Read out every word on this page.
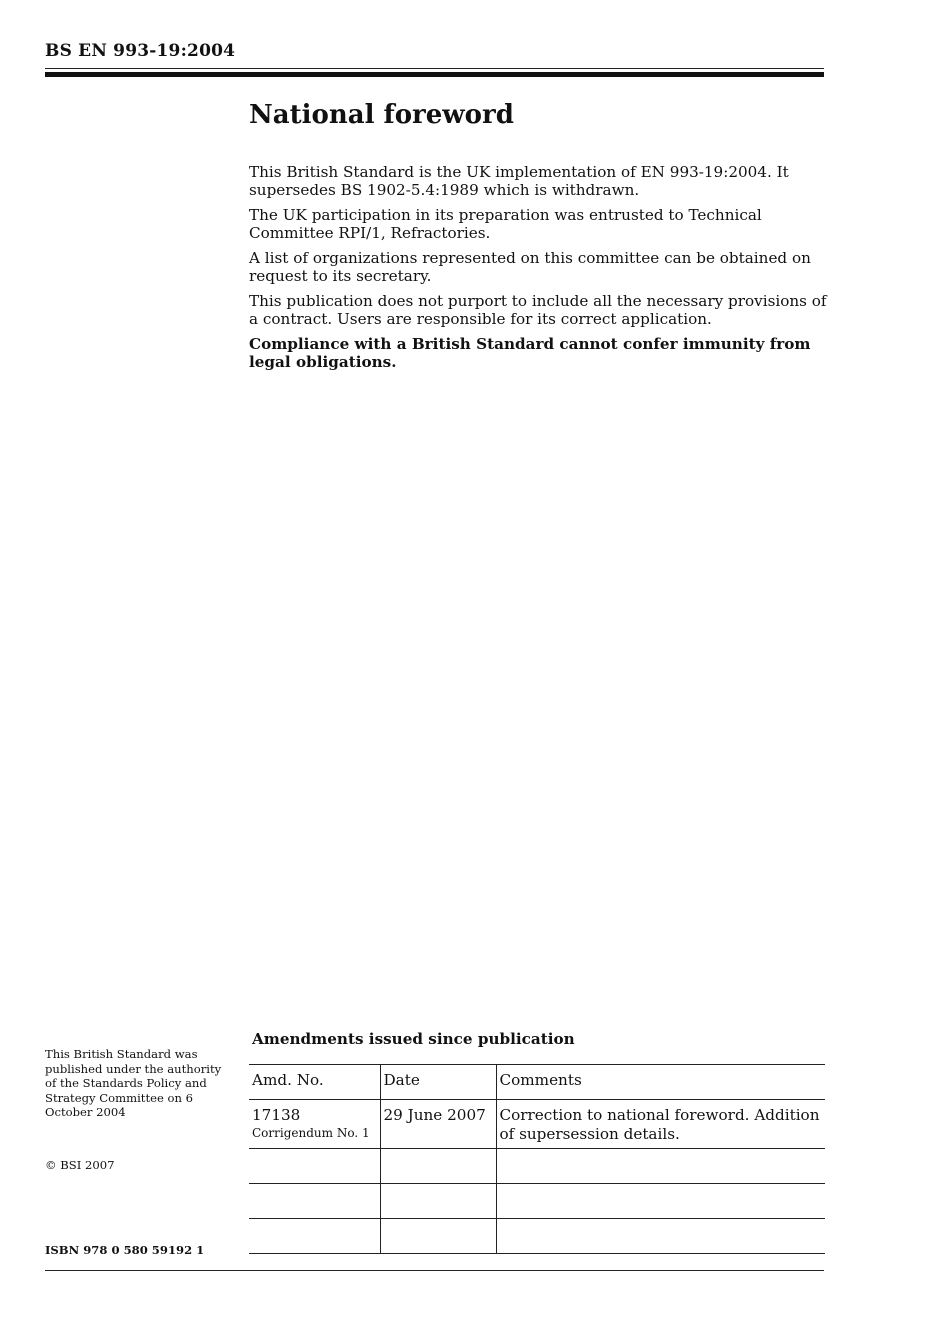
BS EN 993-19:2004
National foreword

This British Standard is the UK implementation of EN 993-19:2004. It supersedes BS 1902-5.4:1989 which is withdrawn.

The UK participation in its preparation was entrusted to Technical Committee RPI/1, Refractories.

A list of organizations represented on this committee can be obtained on request to its secretary.

This publication does not purport to include all the necessary provisions of a contract. Users are responsible for its correct application.

Compliance with a British Standard cannot confer immunity from legal obligations.

This British Standard was published under the authority of the Standards Policy and Strategy Committee on 6 October 2004
© BSI 2007
ISBN 978 0 580 59192 1
Amendments issued since publication
Amd. No.	Date	Comments
17138
Corrigendum No. 1	29 June 2007	Correction to national foreword. Addition of supersession details.
